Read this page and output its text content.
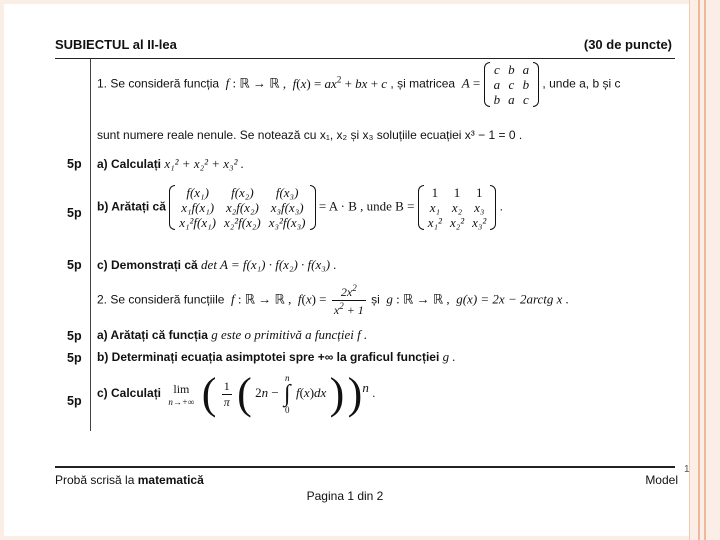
SUBIECTUL al II-lea	(30 de puncte)
1. Se consideră funcția f : ℝ → ℝ ,  $f(x) = ax^2$ + bx + c , și matricea A =
c	b	a
a	c	b
b	a	c
, unde a, b și c
sunt numere reale nenule. Se notează cu x₁, x₂ și x₃ soluțiile ecuației x³ − 1 = 0 .
5p a) Calculați x₁² + x₂² + x₃² .
5p b) Arătați că
f(x₁)	f(x₂)	f(x₃)
x₁f(x₁)	x₂f(x₂)	x₃f(x₃)
x₁²f(x₁)	x₂²f(x₂)	x₃²f(x₃)
= A · B , unde B =
1	1	1
x₁	x₂	x₃
x₁²	x₂²	x₃²
.
5p c) Demonstrați că det A = f(x₁) · f(x₂) · f(x₃) .
2. Se consideră funcțiile f : ℝ → ℝ ,  $f(x) = \frac{2x^2}{x^2 + 1}$ și g : ℝ → ℝ ,  g(x) = 2x − 2arctg x .
5p a) Arătați că funcția g este o primitivă a funcției f .
5p b) Determinați ecuația asimptotei spre +∞ la graficul funcției g .
5p
c) Calculați	lim
n→+∞ ( $\frac{1}{\pi}$ ( 2n −
n
∫
0
f(x)dx ) )$^n$ .
Probă scrisă la matematică	Model
Pagina 1 din 2
1
